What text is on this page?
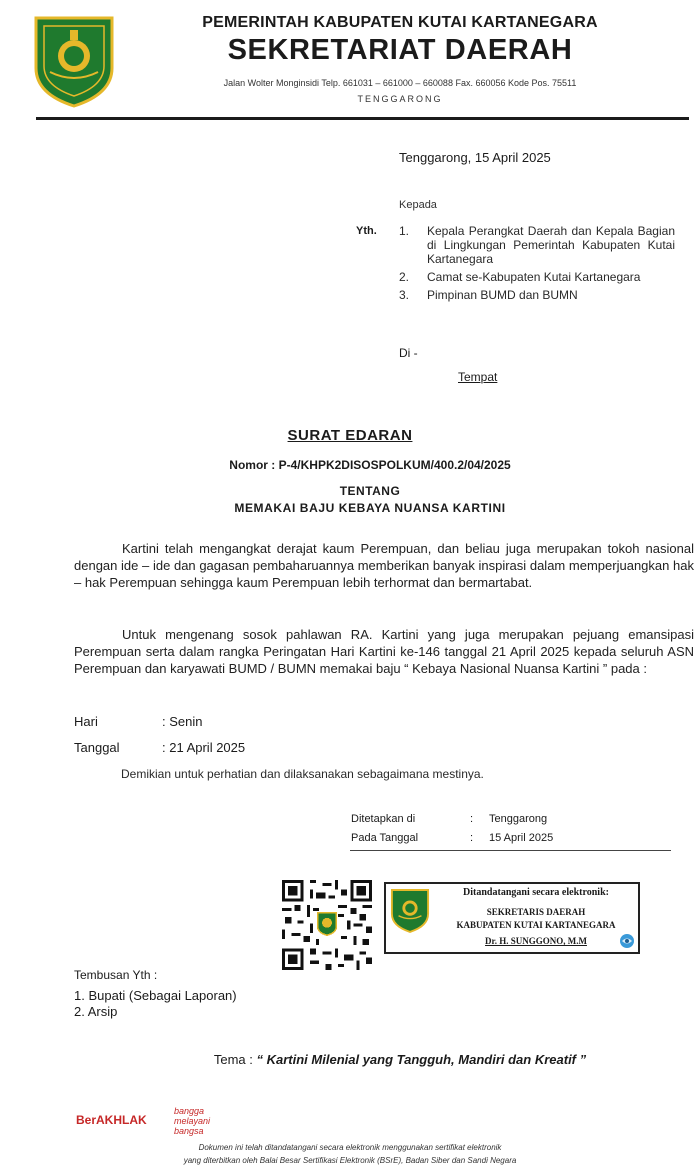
PEMERINTAH KABUPATEN KUTAI KARTANEGARA
SEKRETARIAT DAERAH
Jalan Wolter Monginsidi Telp. 661031 – 661000 – 660088 Fax. 660056 Kode Pos. 75511
TENGGARONG
Tenggarong, 15 April 2025
Kepada
Yth. 1.	Kepala Perangkat Daerah dan Kepala Bagian di Lingkungan Pemerintah Kabupaten Kutai Kartanegara
2.	Camat se-Kabupaten Kutai Kartanegara
3.	Pimpinan BUMD dan BUMN
Di -
Tempat
SURAT EDARAN
Nomor : P-4/KHPK2DISOSPOLKUM/400.2/04/2025
TENTANG
MEMAKAI BAJU KEBAYA NUANSA KARTINI
Kartini telah mengangkat derajat kaum Perempuan, dan beliau juga merupakan tokoh nasional dengan ide – ide dan gagasan pembaharuannya memberikan banyak inspirasi dalam memperjuangkan hak – hak Perempuan sehingga kaum Perempuan lebih terhormat dan bermartabat.
Untuk mengenang sosok pahlawan RA. Kartini yang juga merupakan pejuang emansipasi Perempuan serta dalam rangka Peringatan Hari Kartini ke-146 tanggal 21 April 2025 kepada seluruh ASN Perempuan dan karyawati BUMD / BUMN memakai baju “ Kebaya Nasional Nuansa Kartini ” pada :
Hari	: Senin
Tanggal	: 21 April 2025
Demikian untuk perhatian dan dilaksanakan sebagaimana mestinya.
Ditetapkan di	: Tenggarong
Pada Tanggal	: 15 April 2025
Ditandatangani secara elektronik:
SEKRETARIS DAERAH
KABUPATEN KUTAI KARTANEGARA
Dr. H. SUNGGONO, M.M
Tembusan Yth :
1. Bupati (Sebagai Laporan)
2. Arsip
Tema : “ Kartini Milenial yang Tangguh, Mandiri dan Kreatif ”
BerAKHLAK
bangga
melayani
bangsa
Dokumen ini telah ditandatangani secara elektronik menggunakan sertifikat elektronik
yang diterbitkan oleh Balai Besar Sertifikasi Elektronik (BSrE), Badan Siber dan Sandi Negara
